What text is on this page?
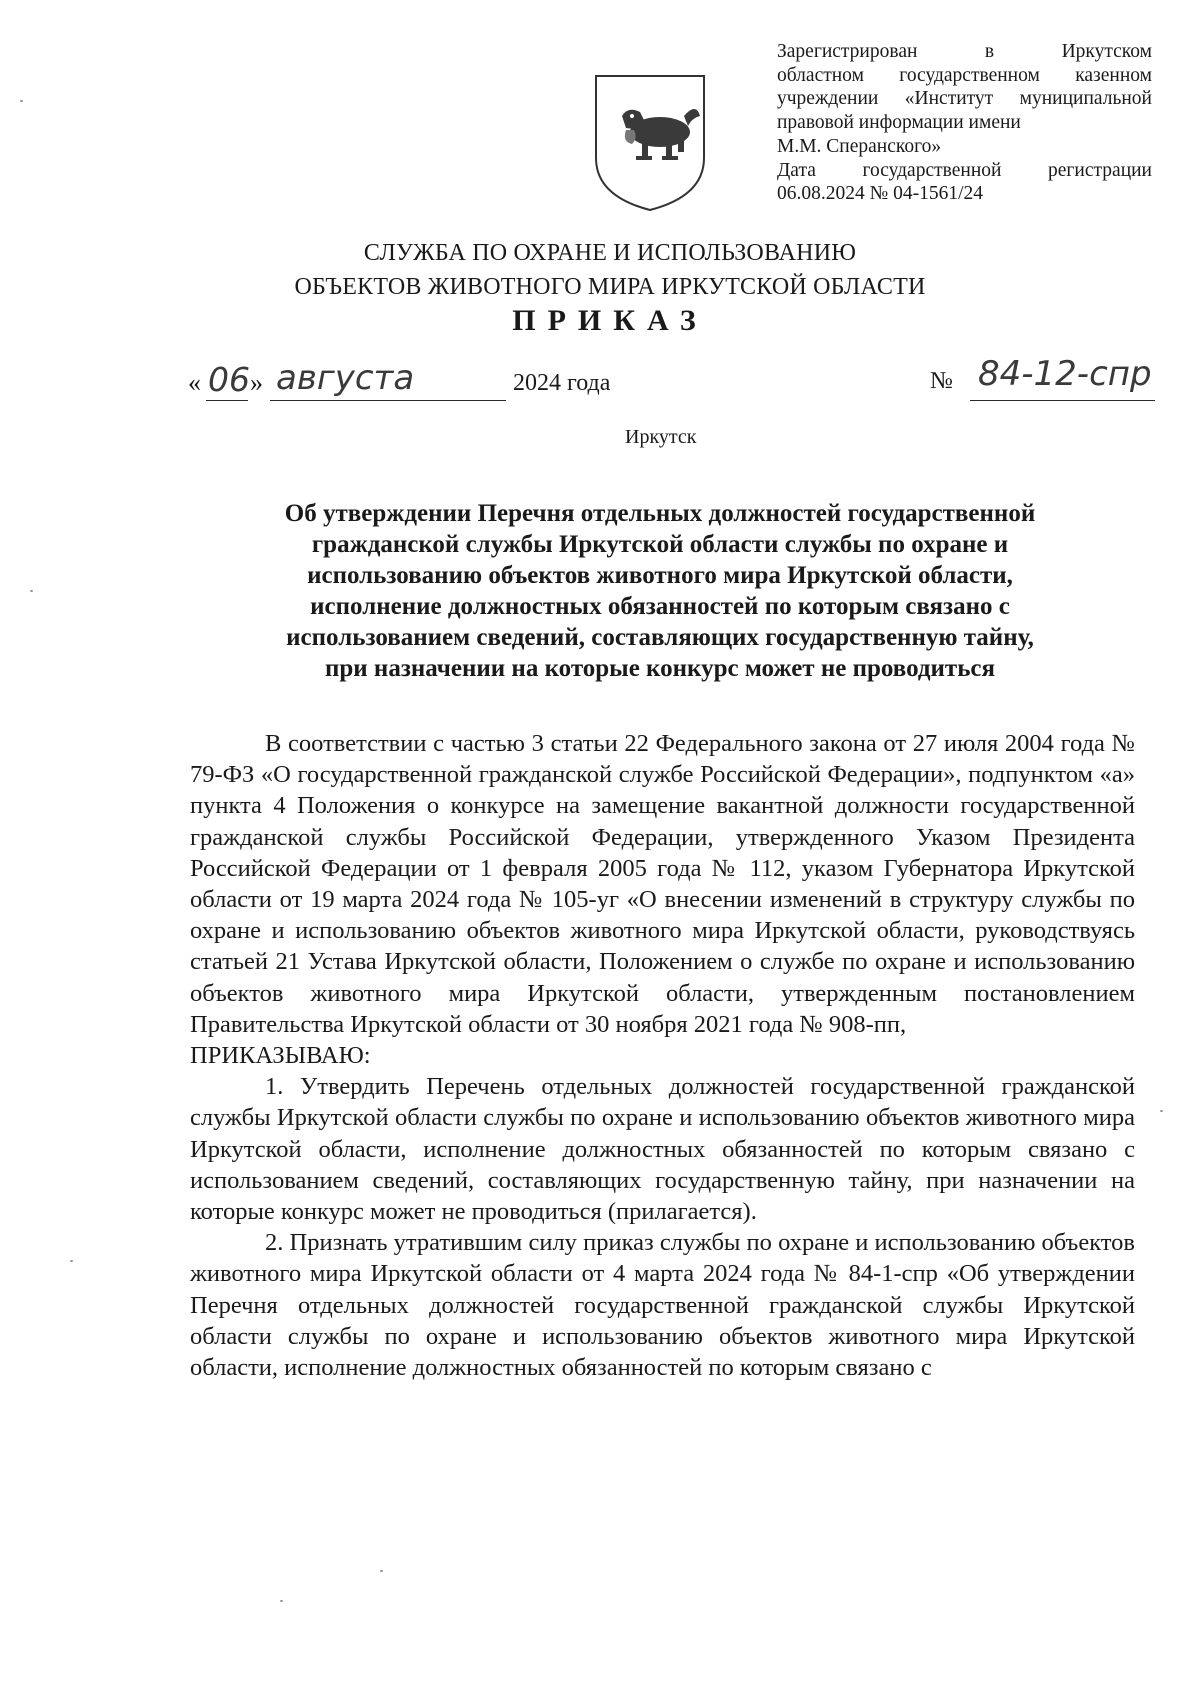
Зарегистрирован в Иркутском
областном государственном казенном
учреждении «Институт муниципальной
правовой информации имени
М.М. Сперанского»
Дата государственной регистрации
06.08.2024 № 04-1561/24
СЛУЖБА ПО ОХРАНЕ И ИСПОЛЬЗОВАНИЮ
ОБЪЕКТОВ ЖИВОТНОГО МИРА ИРКУТСКОЙ ОБЛАСТИ
ПРИКАЗ
« 06 » августа	2024 года	№ 84-12-спр
Иркутск
Об утверждении Перечня отдельных должностей государственной
гражданской службы Иркутской области службы по охране и
использованию объектов животного мира Иркутской области,
исполнение должностных обязанностей по которым связано с
использованием сведений, составляющих государственную тайну,
при назначении на которые конкурс может не проводиться

В соответствии с частью 3 статьи 22 Федерального закона от 27 июля 2004 года № 79-ФЗ «О государственной гражданской службе Российской Федерации», подпунктом «а» пункта 4 Положения о конкурсе на замещение вакантной должности государственной гражданской службы Российской Федерации, утвержденного Указом Президента Российской Федерации от 1 февраля 2005 года № 112, указом Губернатора Иркутской области от 19 марта 2024 года № 105-уг «О внесении изменений в структуру службы по охране и использованию объектов животного мира Иркутской области, руководствуясь статьей 21 Устава Иркутской области, Положением о службе по охране и использованию объектов животного мира Иркутской области, утвержденным постановлением Правительства Иркутской области от 30 ноября 2021 года № 908-пп,

ПРИКАЗЫВАЮ:

1. Утвердить Перечень отдельных должностей государственной гражданской службы Иркутской области службы по охране и использованию объектов животного мира Иркутской области, исполнение должностных обязанностей по которым связано с использованием сведений, составляющих государственную тайну, при назначении на которые конкурс может не проводиться (прилагается).

2. Признать утратившим силу приказ службы по охране и использованию объектов животного мира Иркутской области от 4 марта 2024 года № 84-1-спр «Об утверждении Перечня отдельных должностей государственной гражданской службы Иркутской области службы по охране и использованию объектов животного мира Иркутской области, исполнение должностных обязанностей по которым связано с
